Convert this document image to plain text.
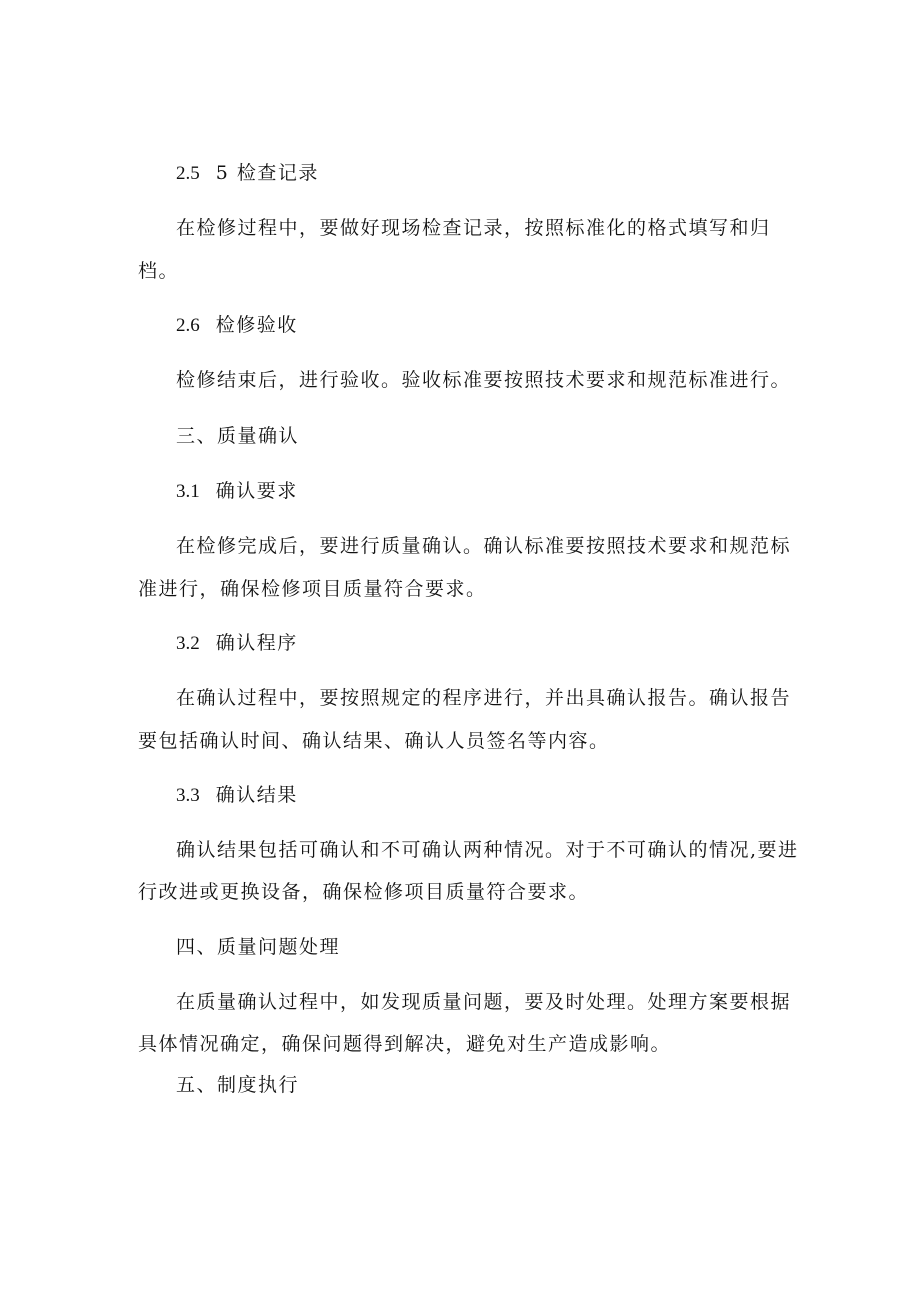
2.5 5 检查记录
在检修过程中，要做好现场检查记录，按照标准化的格式填写和归
档。
2.6 检修验收
检修结束后，进行验收。验收标准要按照技术要求和规范标准进行。
三、质量确认
3.1 确认要求
在检修完成后，要进行质量确认。确认标准要按照技术要求和规范标
准进行，确保检修项目质量符合要求。
3.2 确认程序
在确认过程中，要按照规定的程序进行，并出具确认报告。确认报告
要包括确认时间、确认结果、确认人员签名等内容。
3.3 确认结果
确认结果包括可确认和不可确认两种情况。对于不可确认的情况,要进
行改进或更换设备，确保检修项目质量符合要求。
四、质量问题处理
在质量确认过程中，如发现质量问题，要及时处理。处理方案要根据
具体情况确定，确保问题得到解决，避免对生产造成影响。
五、制度执行
